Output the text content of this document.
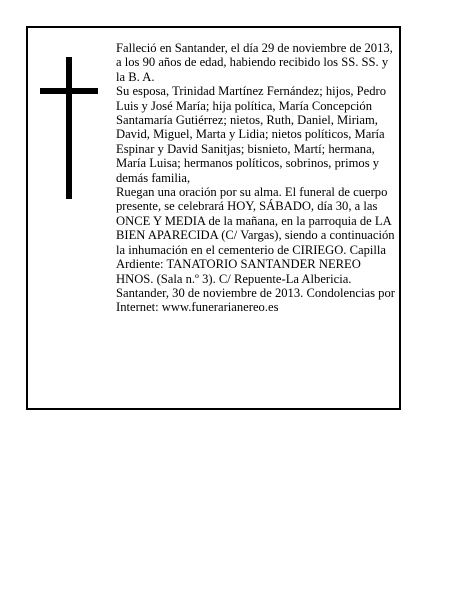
Falleció en Santander, el día 29 de noviembre de 2013, a los 90 años de edad, habiendo recibido los SS. SS. y la B. A.

Su esposa, Trinidad Martínez Fernández; hijos, Pedro Luis y José María; hija política, María Concepción Santamaría Gutiérrez; nietos, Ruth, Daniel, Miriam, David, Miguel, Marta y Lidia; nietos políticos, María Espinar y David Sanitjas; bisnieto, Martí; hermana, María Luisa; hermanos políticos, sobrinos, primos y demás familia,

Ruegan una oración por su alma. El funeral de cuerpo presente, se celebrará HOY, SÁBADO, día 30, a las ONCE Y MEDIA de la mañana, en la parroquia de LA BIEN APARECIDA (C/ Vargas), siendo a continuación la inhumación en el cementerio de CIRIEGO. Capilla Ardiente: TANATORIO SANTANDER NEREO HNOS. (Sala n.º 3). C/ Repuente-La Albericia. Santander, 30 de noviembre de 2013. Condolencias por Internet: www.funerarianereo.es
